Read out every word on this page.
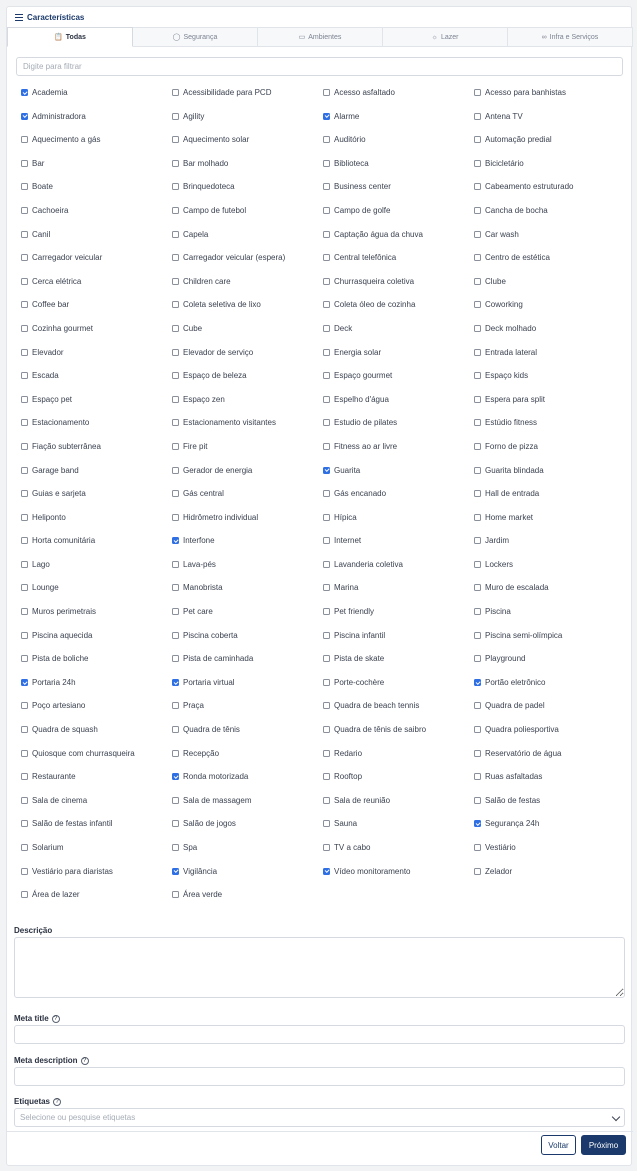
Características
📋 Todas	◯ Segurança	▭ Ambientes	☼ Lazer	∞ Infra e Serviços
Digite para filtrar
Academia	Acessibilidade para PCD	Acesso asfaltado	Acesso para banhistas
Administradora	Agility	Alarme	Antena TV
Aquecimento a gás	Aquecimento solar	Auditório	Automação predial
Bar	Bar molhado	Biblioteca	Bicicletário
Boate	Brinquedoteca	Business center	Cabeamento estruturado
Cachoeira	Campo de futebol	Campo de golfe	Cancha de bocha
Canil	Capela	Captação água da chuva	Car wash
Carregador veicular	Carregador veicular (espera)	Central telefônica	Centro de estética
Cerca elétrica	Children care	Churrasqueira coletiva	Clube
Coffee bar	Coleta seletiva de lixo	Coleta óleo de cozinha	Coworking
Cozinha gourmet	Cube	Deck	Deck molhado
Elevador	Elevador de serviço	Energia solar	Entrada lateral
Escada	Espaço de beleza	Espaço gourmet	Espaço kids
Espaço pet	Espaço zen	Espelho d'água	Espera para split
Estacionamento	Estacionamento visitantes	Estudio de pilates	Estúdio fitness
Fiação subterrânea	Fire pit	Fitness ao ar livre	Forno de pizza
Garage band	Gerador de energia	Guarita	Guarita blindada
Guias e sarjeta	Gás central	Gás encanado	Hall de entrada
Heliponto	Hidrômetro individual	Hípica	Home market
Horta comunitária	Interfone	Internet	Jardim
Lago	Lava-pés	Lavanderia coletiva	Lockers
Lounge	Manobrista	Marina	Muro de escalada
Muros perimetrais	Pet care	Pet friendly	Piscina
Piscina aquecida	Piscina coberta	Piscina infantil	Piscina semi-olímpica
Pista de boliche	Pista de caminhada	Pista de skate	Playground
Portaria 24h	Portaria virtual	Porte-cochère	Portão eletrônico
Poço artesiano	Praça	Quadra de beach tennis	Quadra de padel
Quadra de squash	Quadra de tênis	Quadra de tênis de saibro	Quadra poliesportiva
Quiosque com churrasqueira	Recepção	Redario	Reservatório de água
Restaurante	Ronda motorizada	Rooftop	Ruas asfaltadas
Sala de cinema	Sala de massagem	Sala de reunião	Salão de festas
Salão de festas infantil	Salão de jogos	Sauna	Segurança 24h
Solarium	Spa	TV a cabo	Vestiário
Vestiário para diaristas	Vigilância	Vídeo monitoramento	Zelador
Área de lazer	Área verde
Descrição
Meta title ?
Meta description ?
Etiquetas ?
Selecione ou pesquise etiquetas
Voltar	Próximo
